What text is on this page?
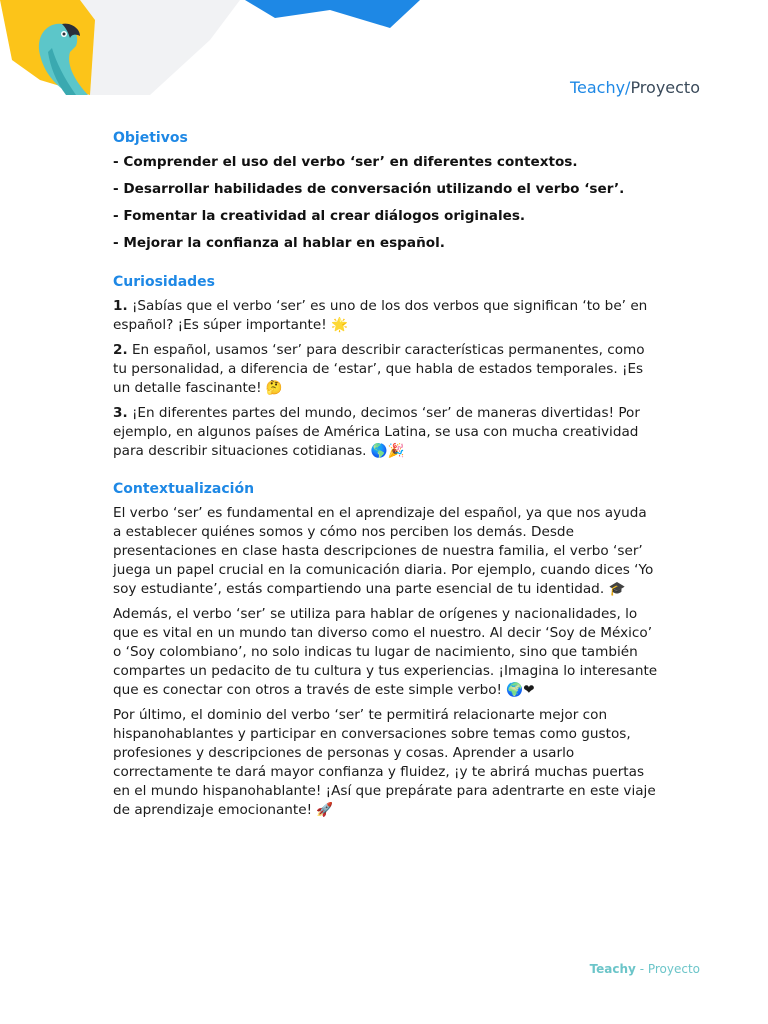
Teachy/Proyecto
Objetivos
- Comprender el uso del verbo ‘ser’ en diferentes contextos.
- Desarrollar habilidades de conversación utilizando el verbo ‘ser’.
- Fomentar la creatividad al crear diálogos originales.
- Mejorar la confianza al hablar en español.
Curiosidades

1. ¡Sabías que el verbo ‘ser’ es uno de los dos verbos que significan ‘to be’ en español? ¡Es súper importante! 🌟

2. En español, usamos ‘ser’ para describir características permanentes, como tu personalidad, a diferencia de ‘estar’, que habla de estados temporales. ¡Es un detalle fascinante! 🤔

3. ¡En diferentes partes del mundo, decimos ‘ser’ de maneras divertidas! Por ejemplo, en algunos países de América Latina, se usa con mucha creatividad para describir situaciones cotidianas. 🌎🎉

Contextualización

El verbo ‘ser’ es fundamental en el aprendizaje del español, ya que nos ayuda a establecer quiénes somos y cómo nos perciben los demás. Desde presentaciones en clase hasta descripciones de nuestra familia, el verbo ‘ser’ juega un papel crucial en la comunicación diaria. Por ejemplo, cuando dices ‘Yo soy estudiante’, estás compartiendo una parte esencial de tu identidad. 🎓

Además, el verbo ‘ser’ se utiliza para hablar de orígenes y nacionalidades, lo que es vital en un mundo tan diverso como el nuestro. Al decir ‘Soy de México’ o ‘Soy colombiano’, no solo indicas tu lugar de nacimiento, sino que también compartes un pedacito de tu cultura y tus experiencias. ¡Imagina lo interesante que es conectar con otros a través de este simple verbo! 🌍❤

Por último, el dominio del verbo ‘ser’ te permitirá relacionarte mejor con hispanohablantes y participar en conversaciones sobre temas como gustos, profesiones y descripciones de personas y cosas. Aprender a usarlo correctamente te dará mayor confianza y fluidez, ¡y te abrirá muchas puertas en el mundo hispanohablante! ¡Así que prepárate para adentrarte en este viaje de aprendizaje emocionante! 🚀

Teachy - Proyecto
